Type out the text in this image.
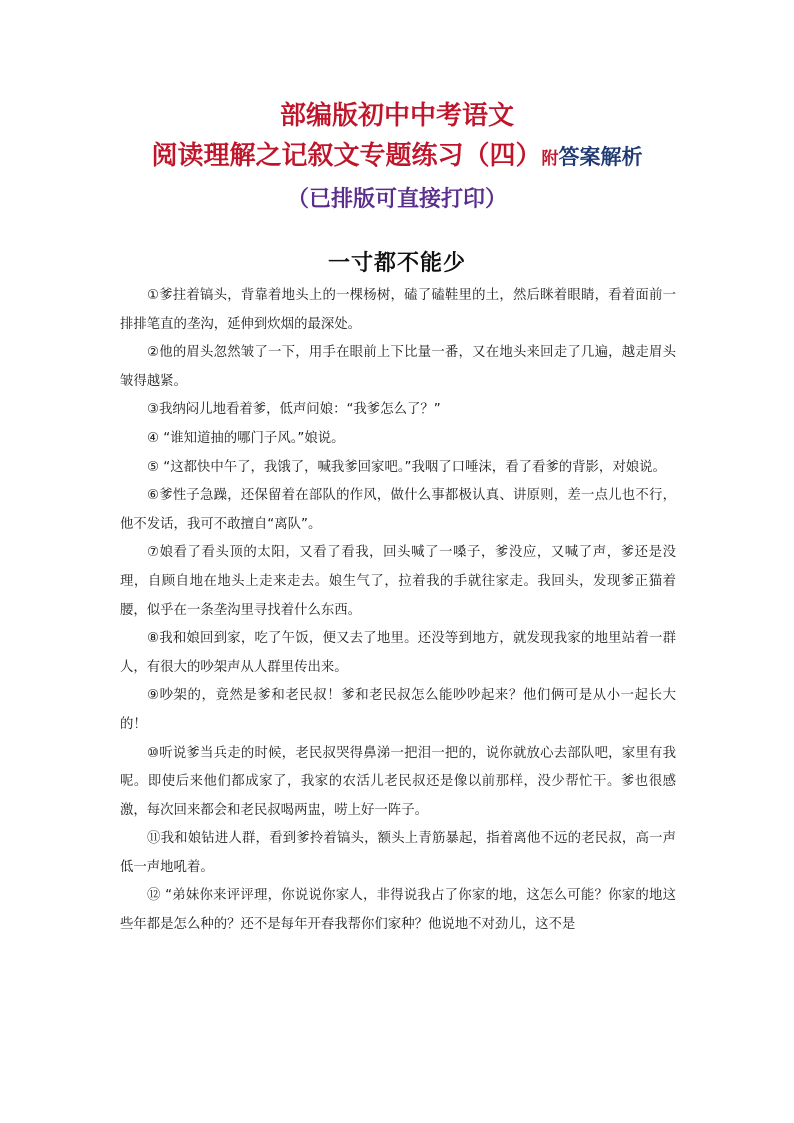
部编版初中中考语文

阅读理解之记叙文专题练习（四）附答案解析

（已排版可直接打印）

一寸都不能少

①爹拄着镐头，背靠着地头上的一棵杨树，磕了磕鞋里的土，然后眯着眼睛，看着面前一排排笔直的垄沟，延伸到炊烟的最深处。

②他的眉头忽然皱了一下，用手在眼前上下比量一番，又在地头来回走了几遍，越走眉头皱得越紧。

③我纳闷儿地看着爹，低声问娘：“我爹怎么了？”

④ “谁知道抽的哪门子风。”娘说。

⑤ “这都快中午了，我饿了，喊我爹回家吧。”我咽了口唾沫，看了看爹的背影，对娘说。

⑥爹性子急躁，还保留着在部队的作风，做什么事都极认真、讲原则，差一点儿也不行，他不发话，我可不敢擅自“离队”。

⑦娘看了看头顶的太阳，又看了看我，回头喊了一嗓子，爹没应，又喊了声，爹还是没理，自顾自地在地头上走来走去。娘生气了，拉着我的手就往家走。我回头，发现爹正猫着腰，似乎在一条垄沟里寻找着什么东西。

⑧我和娘回到家，吃了午饭，便又去了地里。还没等到地方，就发现我家的地里站着一群人，有很大的吵架声从人群里传出来。

⑨吵架的，竟然是爹和老民叔！爹和老民叔怎么能吵吵起来？他们俩可是从小一起长大的！

⑩听说爹当兵走的时候，老民叔哭得鼻涕一把泪一把的，说你就放心去部队吧，家里有我呢。即使后来他们都成家了，我家的农活儿老民叔还是像以前那样，没少帮忙干。爹也很感激，每次回来都会和老民叔喝两盅，唠上好一阵子。

⑪我和娘钻进人群，看到爹拎着镐头，额头上青筋暴起，指着离他不远的老民叔，高一声低一声地吼着。

⑫ “弟妹你来评评理，你说说你家人，非得说我占了你家的地，这怎么可能？你家的地这些年都是怎么种的？还不是每年开春我帮你们家种？他说地不对劲儿，这不是
